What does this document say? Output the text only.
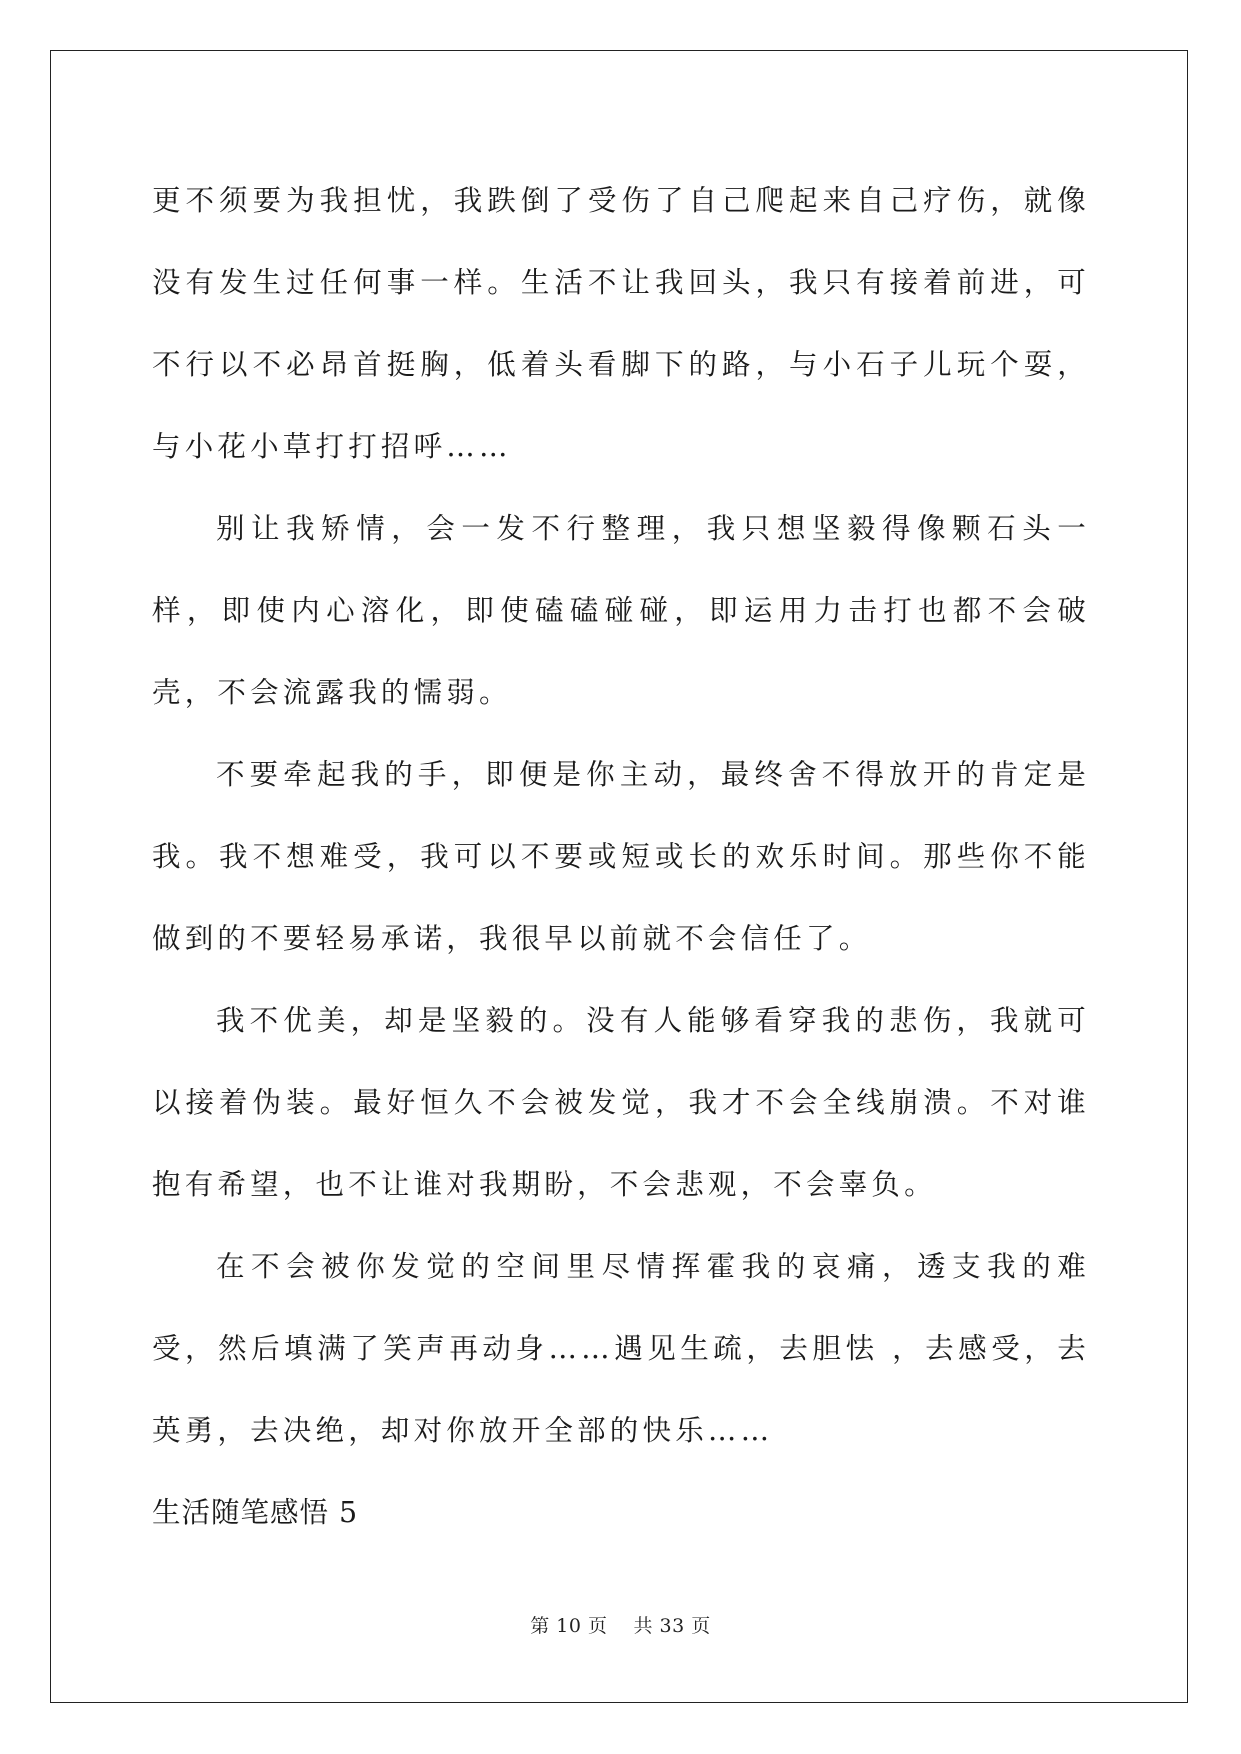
更不须要为我担忧，我跌倒了受伤了自己爬起来自己疗伤，就像没有发生过任何事一样。生活不让我回头，我只有接着前进，可不行以不必昂首挺胸，低着头看脚下的路，与小石子儿玩个耍，与小花小草打打招呼……

别让我矫情，会一发不行整理，我只想坚毅得像颗石头一样，即使内心溶化，即使磕磕碰碰，即运用力击打也都不会破壳，不会流露我的懦弱。

不要牵起我的手，即便是你主动，最终舍不得放开的肯定是我。我不想难受，我可以不要或短或长的欢乐时间。那些你不能做到的不要轻易承诺，我很早以前就不会信任了。

我不优美，却是坚毅的。没有人能够看穿我的悲伤，我就可以接着伪装。最好恒久不会被发觉，我才不会全线崩溃。不对谁抱有希望，也不让谁对我期盼，不会悲观，不会辜负。

在不会被你发觉的空间里尽情挥霍我的哀痛，透支我的难受，然后填满了笑声再动身……遇见生疏，去胆怯 ，去感受，去英勇，去决绝，却对你放开全部的快乐……

生活随笔感悟 5

第 10 页　 共 33 页
